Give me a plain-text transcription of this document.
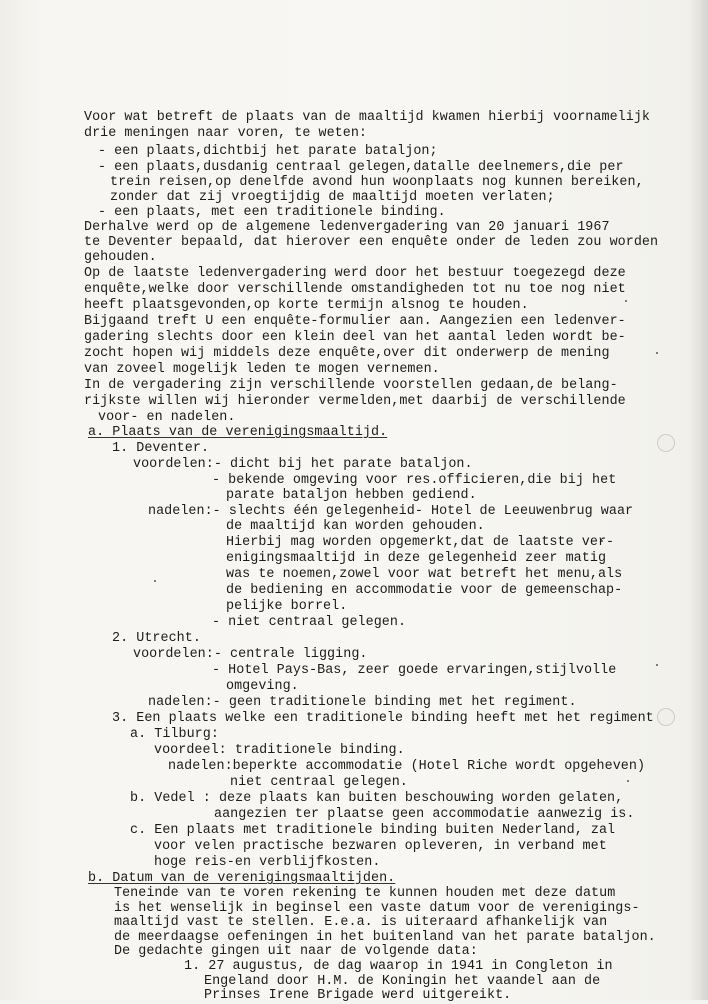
Voor wat betreft de plaats van de maaltijd kwamen hierbij voornamelijk
drie meningen naar voren, te weten:
- een plaats,dichtbij het parate bataljon;
- een plaats,dusdanig centraal gelegen,datalle deelnemers,die per
trein reisen,op denelfde avond hun woonplaats nog kunnen bereiken,
zonder dat zij vroegtijdig de maaltijd moeten verlaten;
- een plaats, met een traditionele binding.
Derhalve werd op de algemene ledenvergadering van 20 januari 1967
te Deventer bepaald, dat hierover een enquête onder de leden zou worden
gehouden.
Op de laatste ledenvergadering werd door het bestuur toegezegd deze
enquête,welke door verschillende omstandigheden tot nu toe nog niet
heeft plaatsgevonden,op korte termijn alsnog te houden.
Bijgaand treft U een enquête-formulier aan. Aangezien een ledenver-
gadering slechts door een klein deel van het aantal leden wordt be-
zocht hopen wij middels deze enquête,over dit onderwerp de mening
van zoveel mogelijk leden te mogen vernemen.
In de vergadering zijn verschillende voorstellen gedaan,de belang-
rijkste willen wij hieronder vermelden,met daarbij de verschillende
voor- en nadelen.
a. Plaats van de verenigingsmaaltijd.
1. Deventer.
voordelen:- dicht bij het parate bataljon.
- bekende omgeving voor res.officieren,die bij het
parate bataljon hebben gediend.
nadelen:- slechts één gelegenheid- Hotel de Leeuwenbrug waar
de maaltijd kan worden gehouden.
Hierbij mag worden opgemerkt,dat de laatste ver-
enigingsmaaltijd in deze gelegenheid zeer matig
was te noemen,zowel voor wat betreft het menu,als
de bediening en accommodatie voor de gemeenschap-
pelijke borrel.
- niet centraal gelegen.
2. Utrecht.
voordelen:- centrale ligging.
- Hotel Pays-Bas, zeer goede ervaringen,stijlvolle
omgeving.
nadelen:- geen traditionele binding met het regiment.
3. Een plaats welke een traditionele binding heeft met het regiment
a. Tilburg:
voordeel: traditionele binding.
nadelen:beperkte accommodatie (Hotel Riche wordt opgeheven)
niet centraal gelegen.
b. Vedel : deze plaats kan buiten beschouwing worden gelaten,
aangezien ter plaatse geen accommodatie aanwezig is.
c. Een plaats met traditionele binding buiten Nederland, zal
voor velen practische bezwaren opleveren, in verband met
hoge reis-en verblijfkosten.
b. Datum van de verenigingsmaaltijden.
Teneinde van te voren rekening te kunnen houden met deze datum
is het wenselijk in beginsel een vaste datum voor de verenigings-
maaltijd vast te stellen. E.e.a. is uiteraard afhankelijk van
de meerdaagse oefeningen in het buitenland van het parate bataljon.
De gedachte gingen uit naar de volgende data:
1. 27 augustus, de dag waarop in 1941 in Congleton in
Engeland door H.M. de Koningin het vaandel aan de
Prinses Irene Brigade werd uitgereikt.
